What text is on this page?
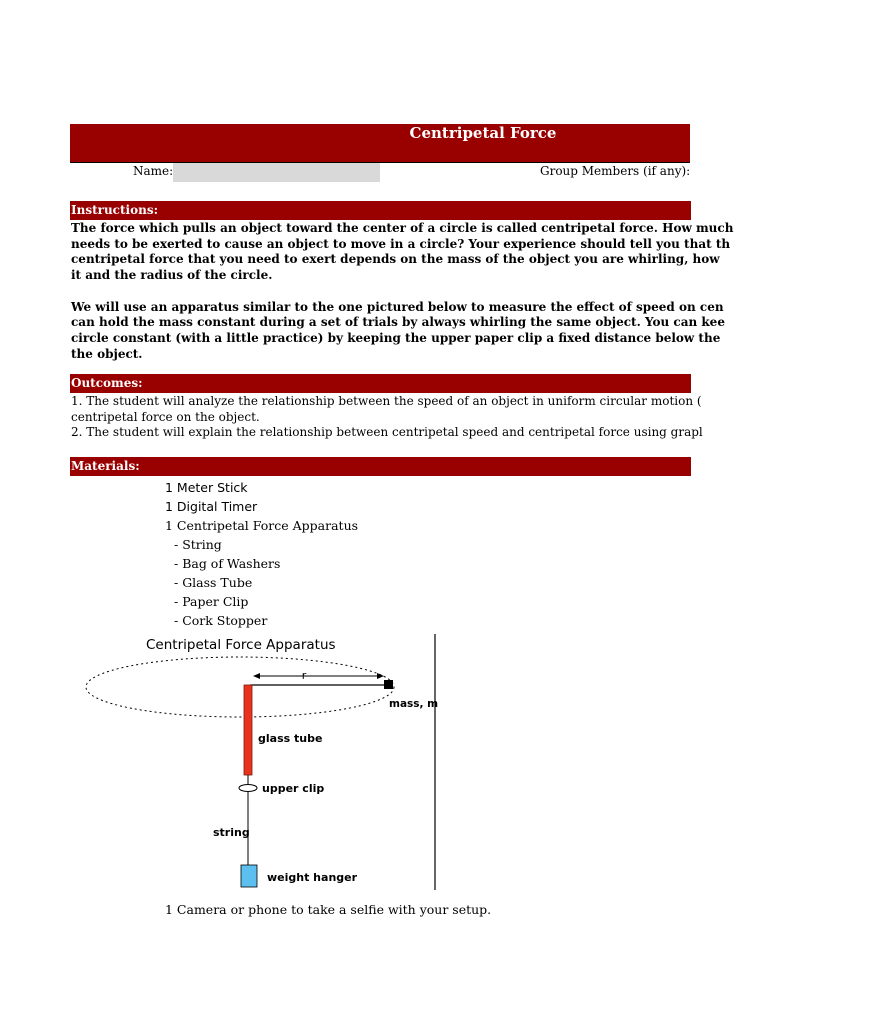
Centripetal Force
Name:	Group Members (if any):
Instructions:

The force which pulls an object toward the center of a circle is called centripetal force. How much

needs to be exerted to cause an object to move in a circle? Your experience should tell you that th

centripetal force that you need to exert depends on the mass of the object you are whirling, how

it and the radius of the circle.

We will use an apparatus similar to the one pictured below to measure the effect of speed on cen

can hold the mass constant during a set of trials by always whirling the same object. You can kee

circle constant (with a little practice) by keeping the upper paper clip a fixed distance below the

the object.

Outcomes:

1. The student will analyze the relationship between the speed of an object in uniform circular motion (

centripetal force on the object.

2. The student will explain the relationship between centripetal speed and centripetal force using grapl

Materials:
1 Meter Stick
1 Digital Timer
1 Centripetal Force Apparatus
- String
- Bag of Washers
- Glass Tube
- Paper Clip
- Cork Stopper
Centripetal Force Apparatus
r
mass, m
glass tube
upper clip
string
weight hanger
1 Camera or phone to take a selfie with your setup.
